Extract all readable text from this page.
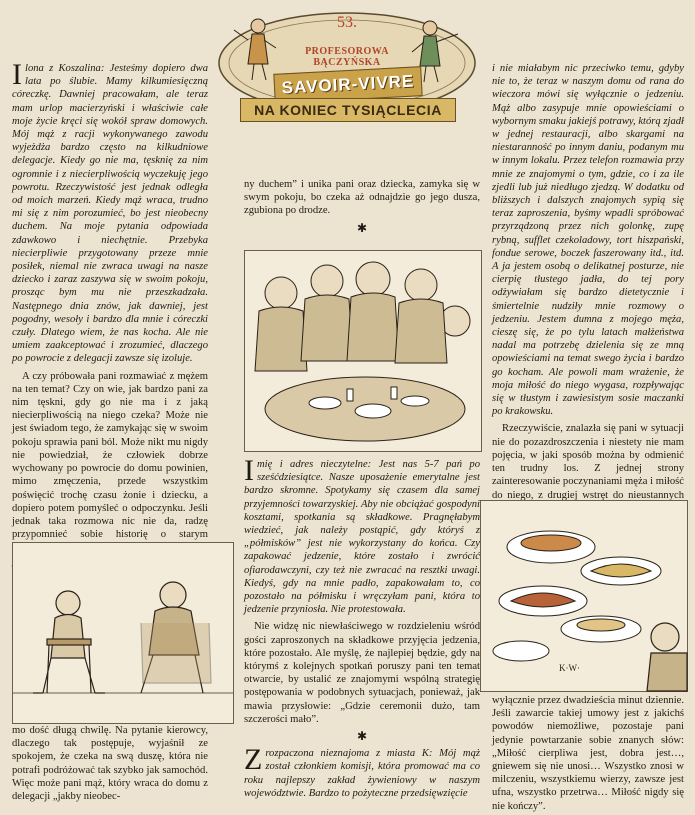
53.
PROFESOROWA
BĄCZYŃSKA
SAVOIR-VIVRE
NA KONIEC TYSIĄCLECIA

Ilona z Koszalina: Jesteśmy dopiero dwa lata po ślubie. Mamy kilkumiesięczną córeczkę. Dawniej pracowałam, ale teraz mam urlop macierzyński i właściwie całe moje życie kręci się wokół spraw domowych. Mój mąż z racji wykonywanego zawodu wyjeżdża bardzo często na kilkudniowe delegacje. Kiedy go nie ma, tęsknię za nim ogromnie i z niecierpliwością wyczekuję jego powrotu. Rzeczywistość jest jednak odległa od moich marzeń. Kiedy mąż wraca, trudno mi się z nim porozumieć, bo jest nieobecny duchem. Na moje pytania odpowiada zdawkowo i niechętnie. Przebyka niecierpliwie przygotowany przeze mnie posiłek, niemal nie zwraca uwagi na nasze dziecko i zaraz zaszywa się w swoim pokoju, prosząc bym mu nie przeszkadzała. Następnego dnia znów, jak dawniej, jest pogodny, wesoły i bardzo dla mnie i córeczki czuły. Dlatego wiem, że nas kocha. Ale nie umiem zaakceptować i zrozumieć, dlaczego po powrocie z delegacji zawsze się izoluje.

A czy próbowała pani rozmawiać z mężem na ten temat? Czy on wie, jak bardzo pani za nim tęskni, gdy go nie ma i z jaką niecierpliwością na niego czeka? Może nie jest świadom tego, że zamykając się w swoim pokoju sprawia pani ból. Może nikt mu nigdy nie powiedział, że człowiek dobrze wychowany po powrocie do domu powinien, mimo zmęczenia, przede wszystkim poświęcić trochę czasu żonie i dziecku, a dopiero potem pomyśleć o odpoczynku. Jeśli jednak taka rozmowa nic nie da, radzę przypomnieć sobie historię o starym

mo dość długą chwilę. Na pytanie kierowcy, dlaczego tak postępuje, wyjaśnił ze spokojem, że czeka na swą duszę, która nie potrafi podróżować tak szybko jak samochód. Więc może pani mąż, który wraca do domu z delegacji „jakby nieobec-

ny duchem” i unika pani oraz dziecka, zamyka się w swym pokoju, bo czeka aż odnajdzie go jego dusza, zgubiona po drodze.

✱

Imię i adres nieczytelne: Jest nas 5-7 pań po sześćdziesiątce. Nasze uposażenie emerytalne jest bardzo skromne. Spotykamy się czasem dla samej przyjemności towarzyskiej. Aby nie obciążać gospodyni kosztami, spotkania są składkowe. Pragnęłabym wiedzieć, jak należy postąpić, gdy któryś z „półmisków” jest nie wykorzystany do końca. Czy zapakować jedzenie, które zostało i zwrócić ofiarodawczyni, czy też nie zwracać na resztki uwagi. Kiedyś, gdy na mnie padło, zapakowałam to, co pozostało na półmisku i wręczyłam pani, która to jedzenie przyniosła. Nie protestowała.

Nie widzę nic niewłaściwego w rozdzieleniu wśród gości zaproszonych na składkowe przyjęcia jedzenia, które pozostało. Ale myślę, że najlepiej będzie, gdy na którymś z kolejnych spotkań poruszy pani ten temat otwarcie, by ustalić ze znajomymi wspólną strategię postępowania w podobnych sytuacjach, ponieważ, jak mawia przysłowie: „Gdzie ceremonii dużo, tam szczerości mało”.

✱

Zrozpaczona nieznajoma z miasta K: Mój mąż został członkiem komisji, która promować ma co roku najlepszy zakład żywieniowy w naszym województwie. Bardzo to pożyteczne przedsięwzięcie

i nie miałabym nic przeciwko temu, gdyby nie to, że teraz w naszym domu od rana do wieczora mówi się wyłącznie o jedzeniu. Mąż albo zasypuje mnie opowieściami o wybornym smaku jakiejś potrawy, którą zjadł w jednej restauracji, albo skargami na niestaranność po innym daniu, podanym mu w innym lokalu. Przez telefon rozmawia przy mnie ze znajomymi o tym, gdzie, co i za ile zjedli lub już niedługo zjedzą. W dodatku od bliższych i dalszych znajomych sypią się teraz zaproszenia, byśmy wpadli spróbować przyrządzoną przez nich golonkę, zupę rybną, sufflet czekoladowy, tort hiszpański, fondue serowe, boczek faszerowany itd., itd. A ja jestem osobą o delikatnej posturze, nie cierpię tłustego jadła, do tej pory odżywiałam się bardzo dietetycznie i śmiertelnie nudziły mnie rozmowy o jedzeniu. Jestem dumna z mojego męża, cieszę się, że po tylu latach małżeństwa nadal ma potrzebę dzielenia się ze mną opowieściami na temat swego życia i bardzo go kocham. Ale powoli mam wrażenie, że moja miłość do niego wygasa, rozpływając się w tłustym i zawiesistym sosie maczanki po krakowsku.

Rzeczywiście, znalazła się pani w sytuacji nie do pozazdroszczenia i niestety nie mam pojęcia, w jaki sposób można by odmienić ten trudny los. Z jednej strony zainteresowanie poczynaniami męża i miłość do niego, z drugiej wstręt do nieustannych

K·W·

wyłącznie przez dwadzieścia minut dziennie. Jeśli zawarcie takiej umowy jest z jakichś powodów niemożliwe, pozostaje pani jedynie powtarzanie sobie znanych słów: „Miłość cierpliwa jest, dobra jest…, gniewem się nie unosi… Wszystko znosi w milczeniu, wszystkiemu wierzy, zawsze jest ufna, wszystko przetrwa… Miłość nigdy się nie kończy”.
